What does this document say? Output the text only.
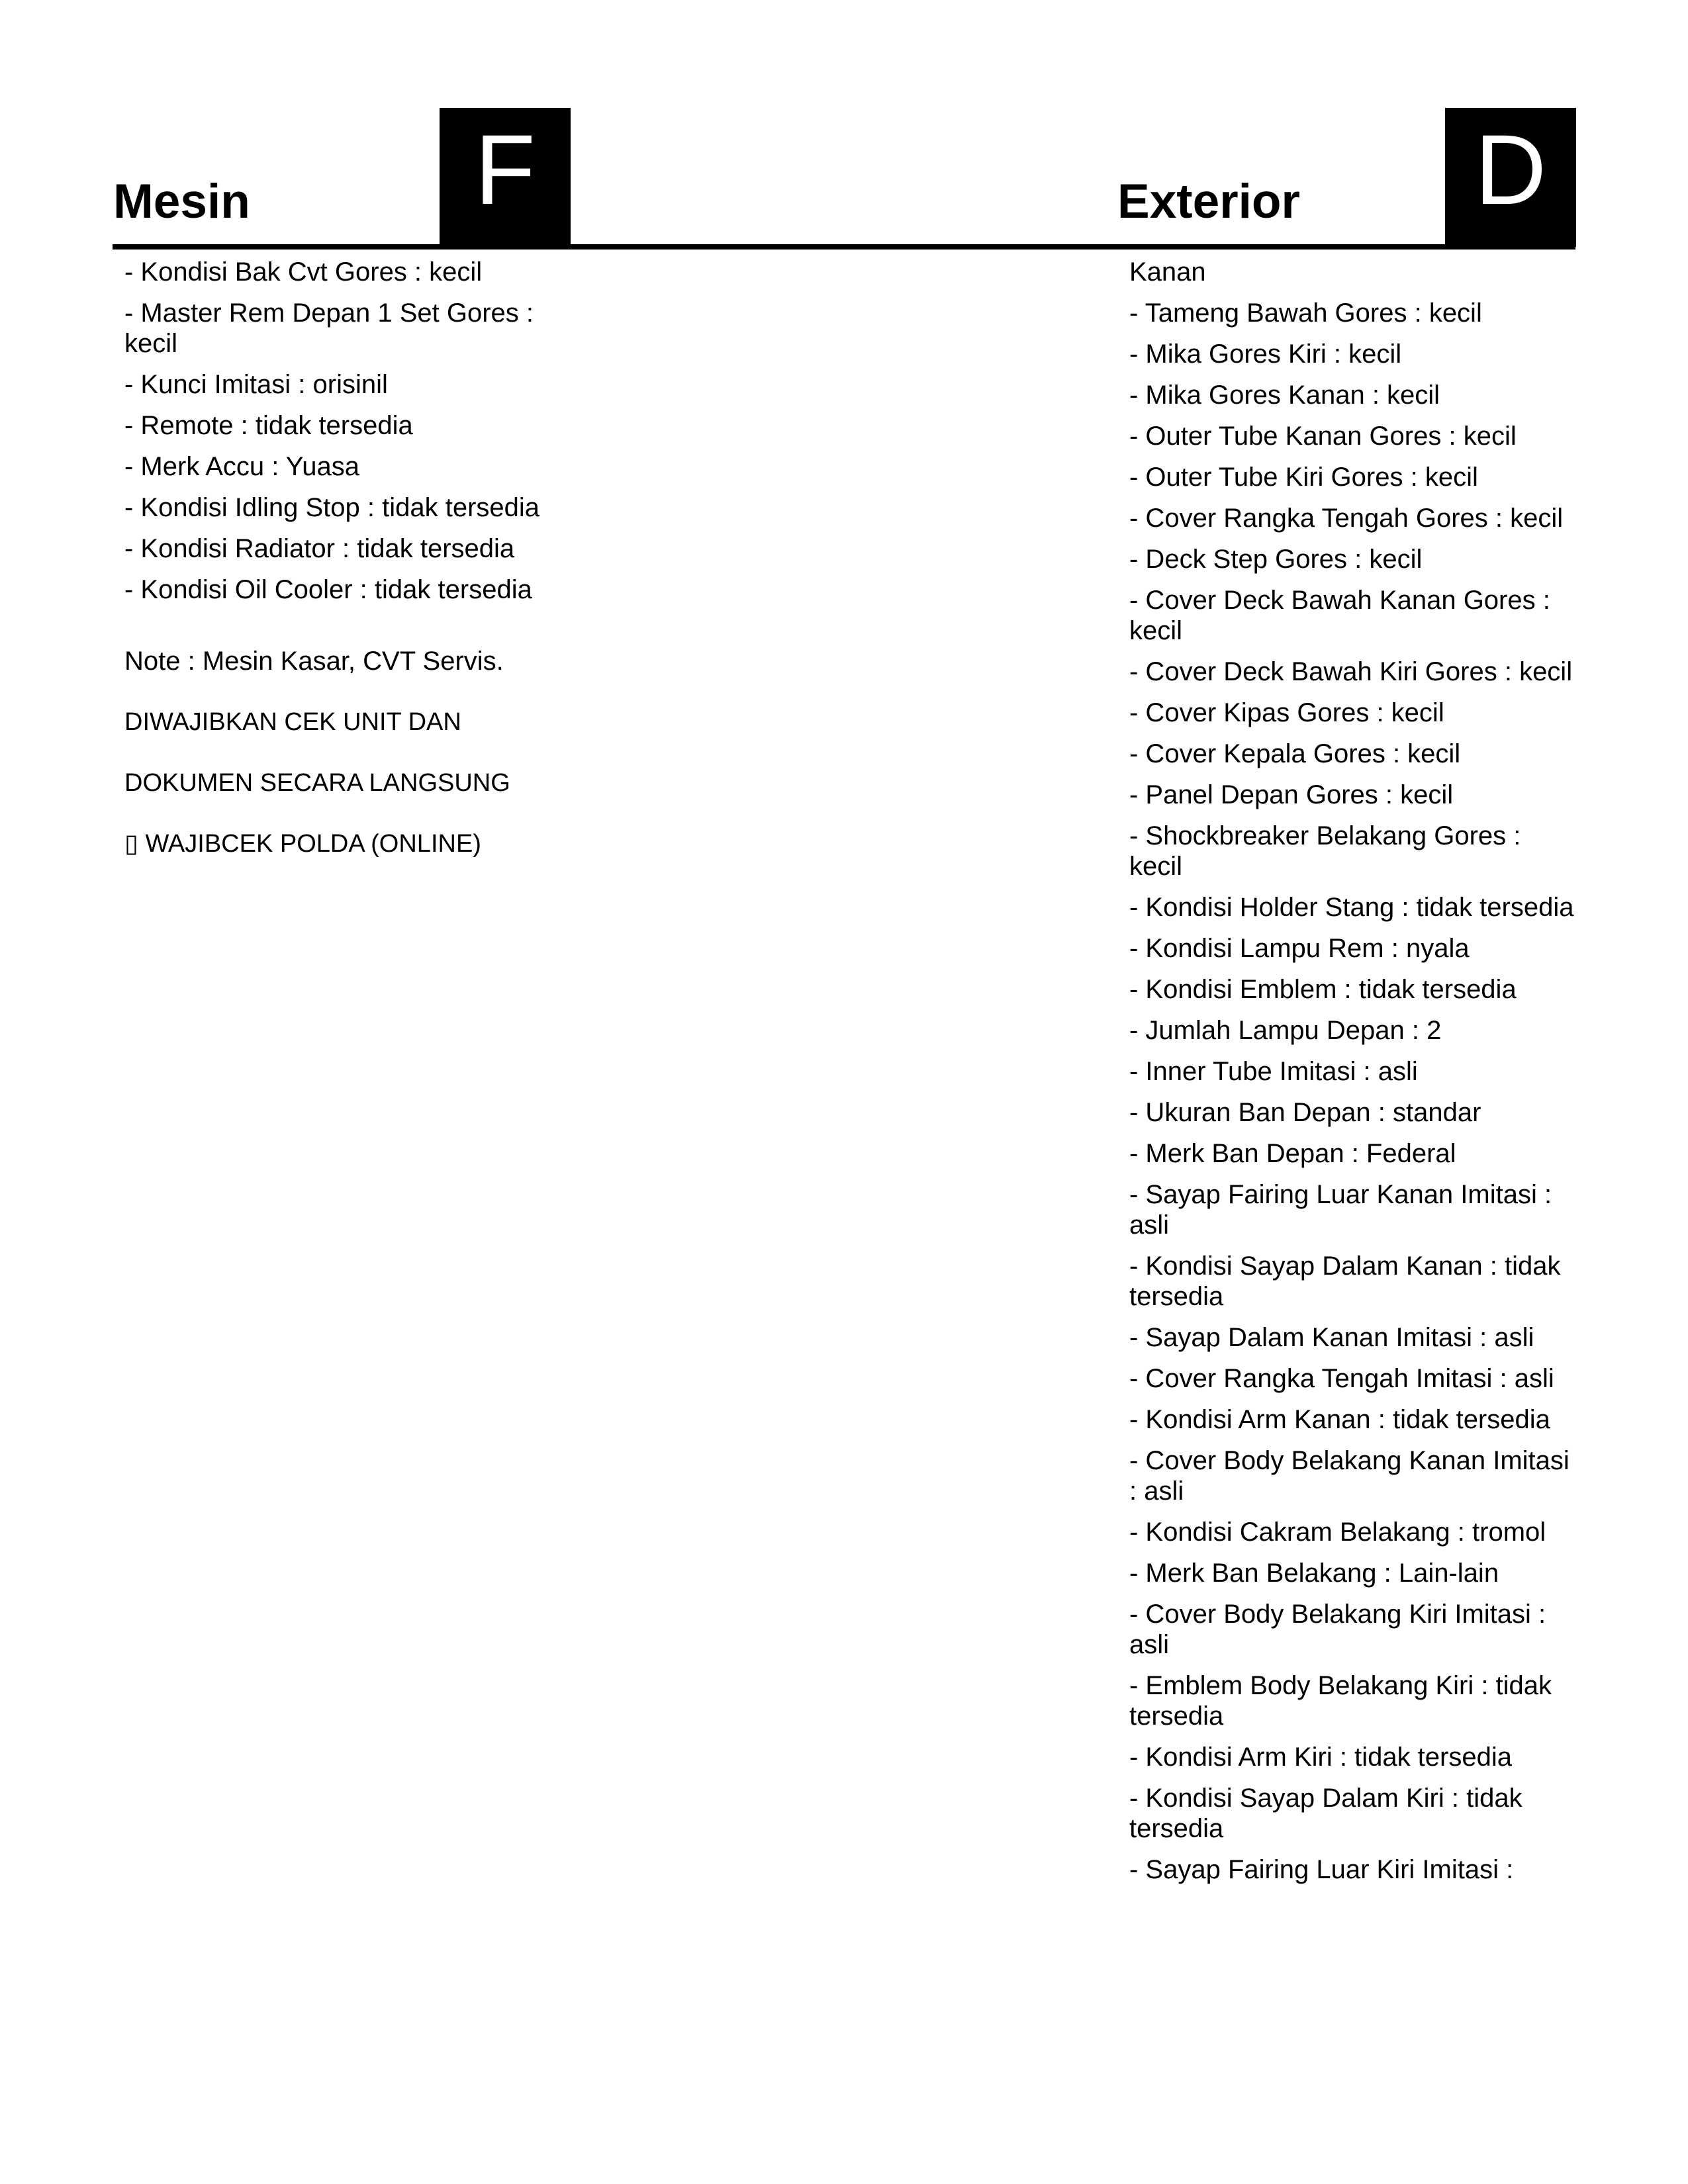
Mesin	F	Exterior D
- Kondisi Bak Cvt Gores : kecil
- Master Rem Depan 1 Set Gores : kecil
- Kunci Imitasi : orisinil
- Remote : tidak tersedia
- Merk Accu : Yuasa
- Kondisi Idling Stop : tidak tersedia
- Kondisi Radiator : tidak tersedia
- Kondisi Oil Cooler : tidak tersedia

Note : Mesin Kasar, CVT Servis.

DIWAJIBKAN CEK UNIT DAN

DOKUMEN SECARA LANGSUNG

▯ WAJIBCEK POLDA (ONLINE)

Kanan
- Tameng Bawah Gores : kecil
- Mika Gores Kiri : kecil
- Mika Gores Kanan : kecil
- Outer Tube Kanan Gores : kecil
- Outer Tube Kiri Gores : kecil
- Cover Rangka Tengah Gores : kecil
- Deck Step Gores : kecil
- Cover Deck Bawah Kanan Gores : kecil
- Cover Deck Bawah Kiri Gores : kecil
- Cover Kipas Gores : kecil
- Cover Kepala Gores : kecil
- Panel Depan Gores : kecil
- Shockbreaker Belakang Gores : kecil
- Kondisi Holder Stang : tidak tersedia
- Kondisi Lampu Rem : nyala
- Kondisi Emblem : tidak tersedia
- Jumlah Lampu Depan : 2
- Inner Tube Imitasi : asli
- Ukuran Ban Depan : standar
- Merk Ban Depan : Federal
- Sayap Fairing Luar Kanan Imitasi : asli
- Kondisi Sayap Dalam Kanan : tidak tersedia
- Sayap Dalam Kanan Imitasi : asli
- Cover Rangka Tengah Imitasi : asli
- Kondisi Arm Kanan : tidak tersedia
- Cover Body Belakang Kanan Imitasi : asli
- Kondisi Cakram Belakang : tromol
- Merk Ban Belakang : Lain-lain
- Cover Body Belakang Kiri Imitasi : asli
- Emblem Body Belakang Kiri : tidak tersedia
- Kondisi Arm Kiri : tidak tersedia
- Kondisi Sayap Dalam Kiri : tidak tersedia
- Sayap Fairing Luar Kiri Imitasi :
